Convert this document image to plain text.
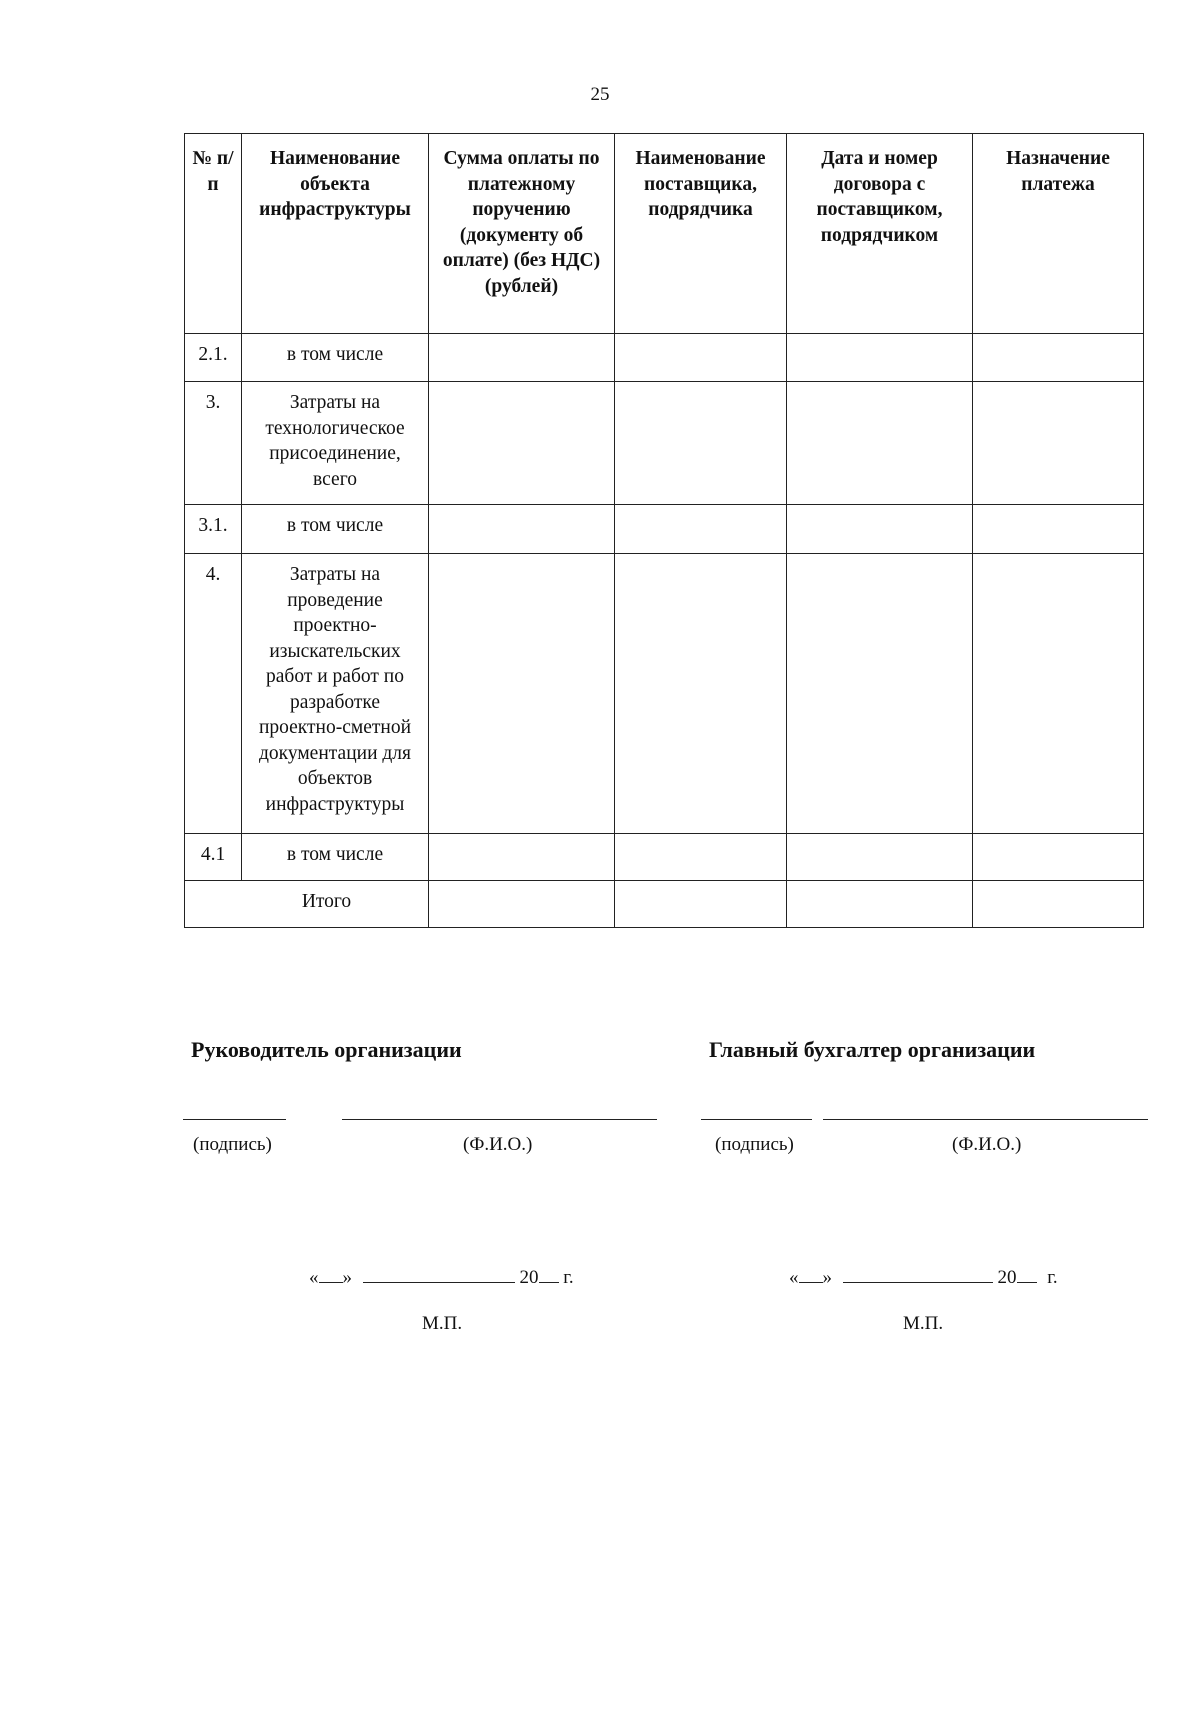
25
№ п/п	Наименование объекта инфраструктуры	Сумма оплаты по платежному поручению (документу об оплате) (без НДС) (рублей)	Наименование поставщика, подрядчика	Дата и номер договора с поставщиком, подрядчиком	Назначение платежа
2.1.	в том числе				
3.	Затраты на технологическое присоединение, всего				
3.1.	в том числе				
4.	Затраты на проведение проектно-изыскательских работ и работ по разработке проектно-сметной документации для объектов инфраструктуры				
4.1	в том числе				
Итого					
Руководитель организации
(подпись)	(Ф.И.О.)
« »	20 г.
М.П.
Главный бухгалтер организации
(подпись)	(Ф.И.О.)
« »	20 г.
М.П.
